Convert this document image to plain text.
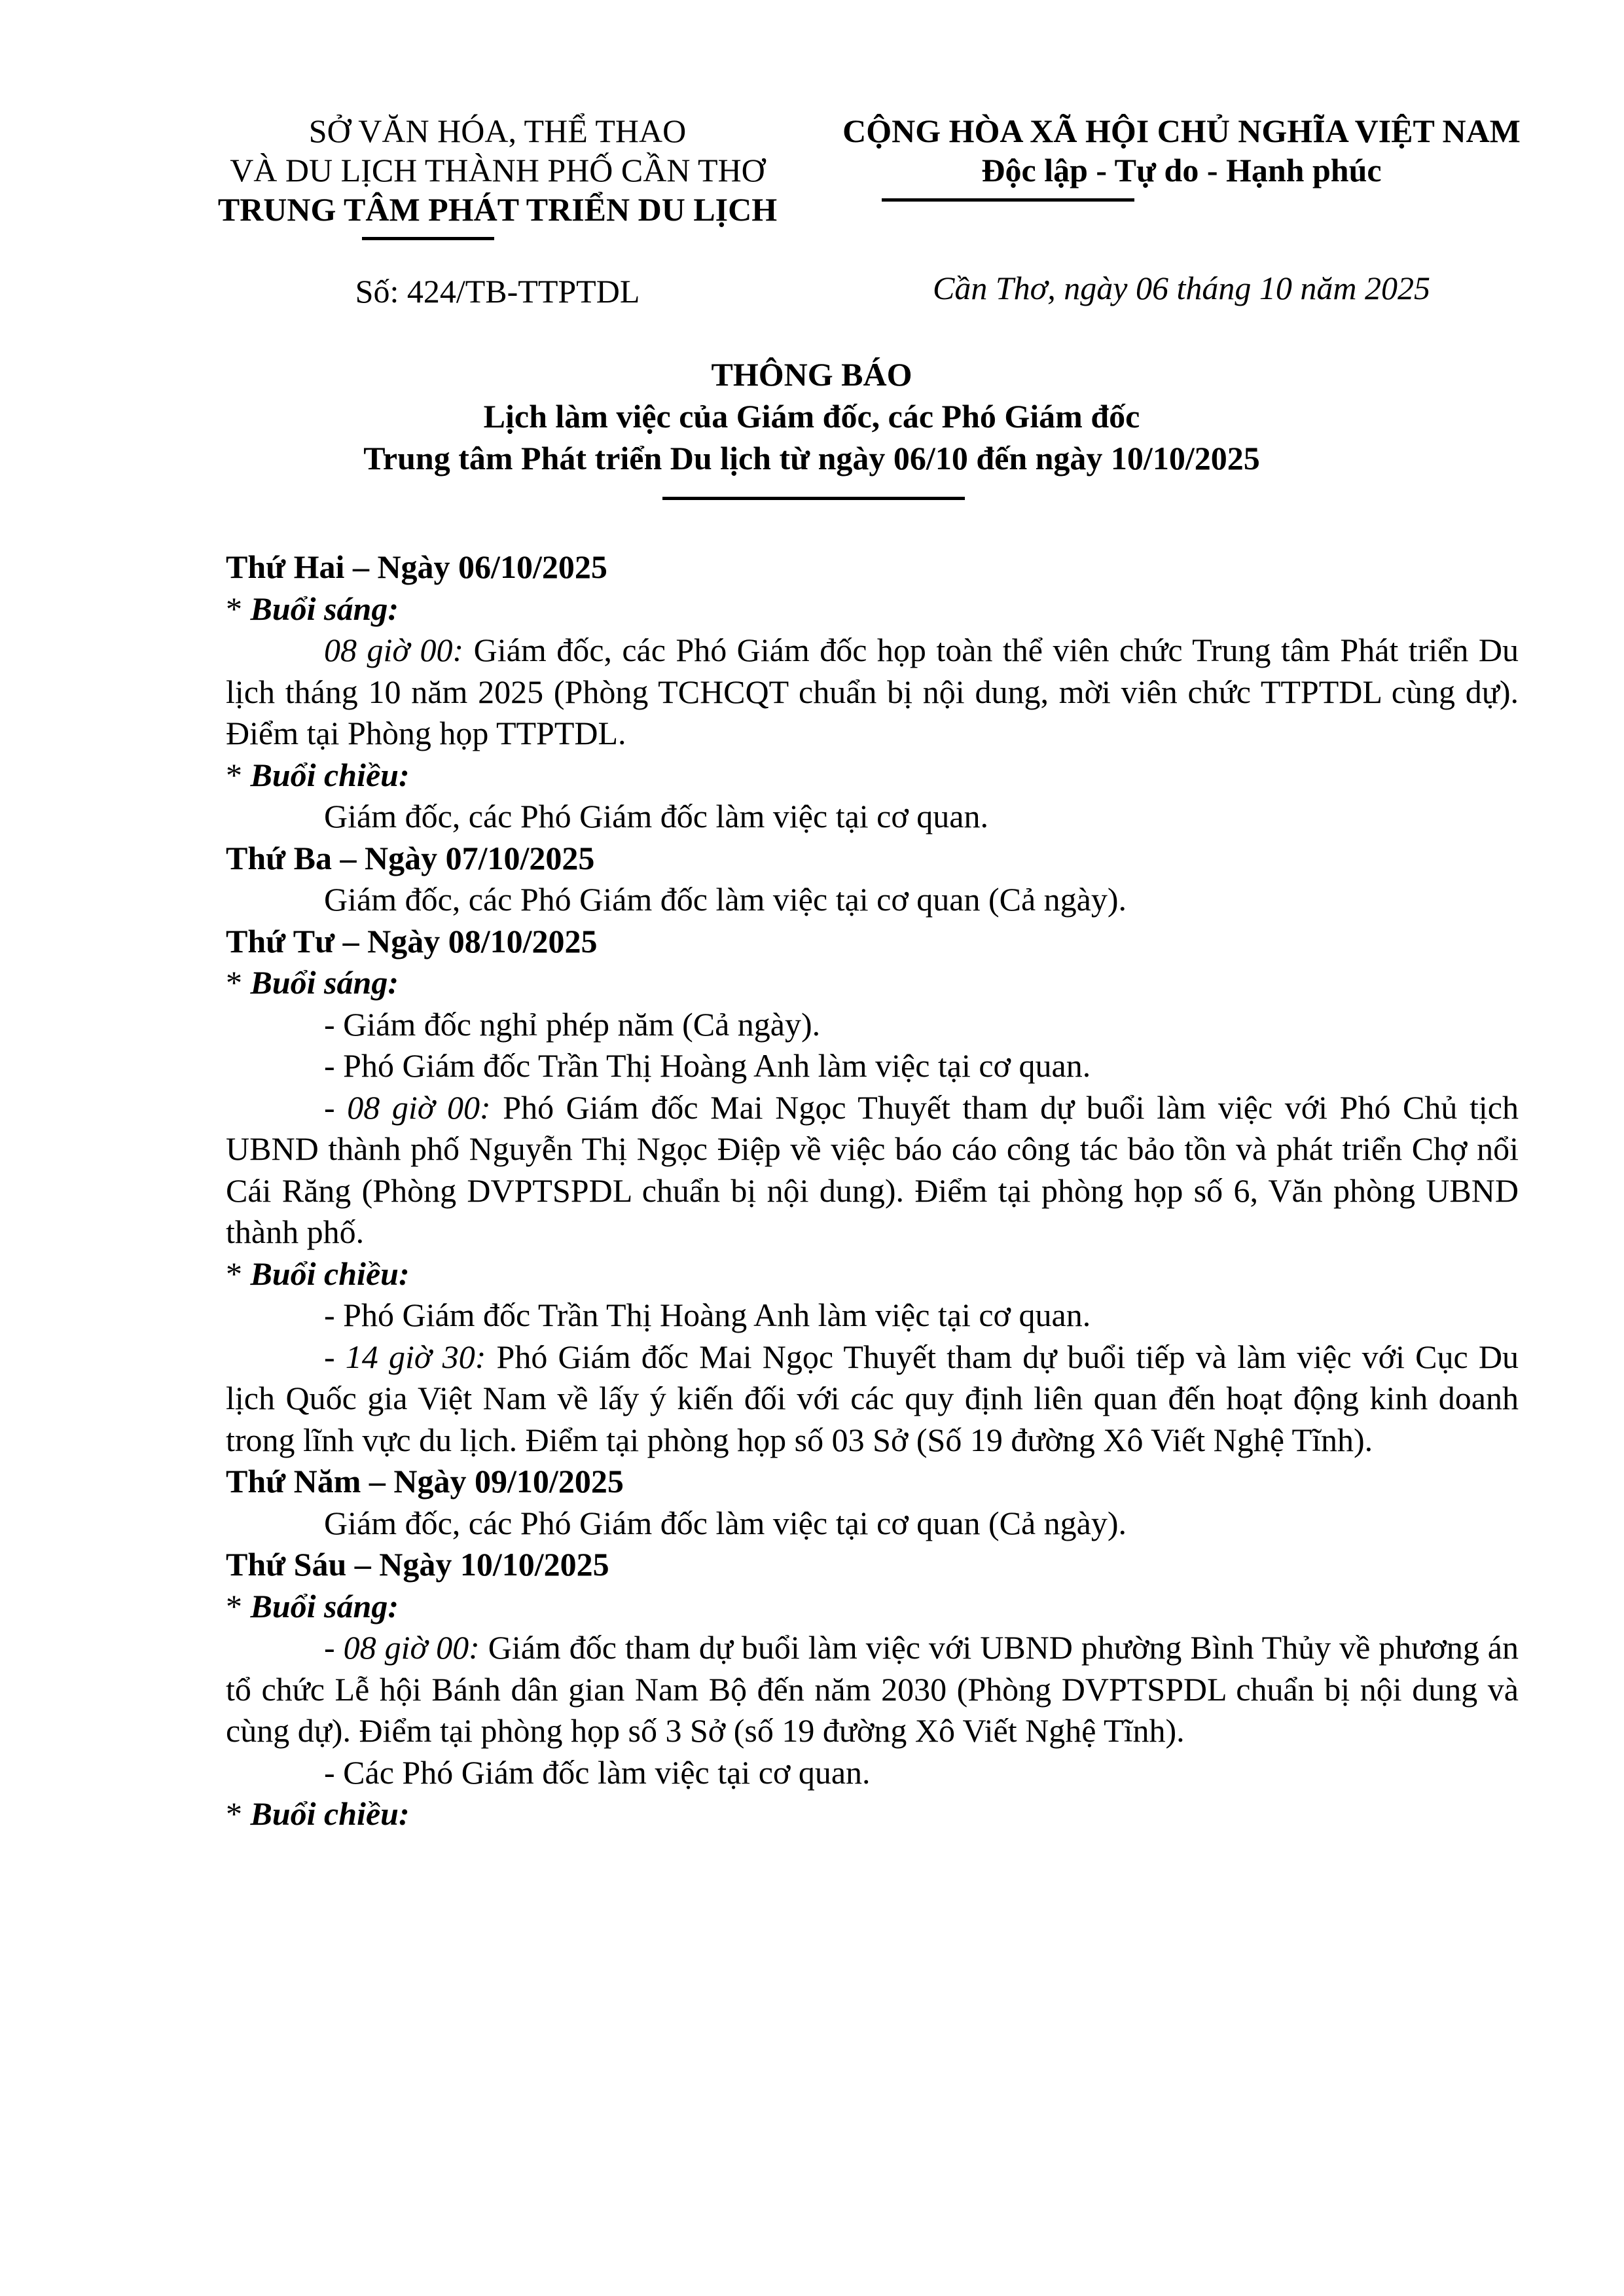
SỞ VĂN HÓA, THỂ THAO
VÀ DU LỊCH THÀNH PHỐ CẦN THƠ
TRUNG TÂM PHÁT TRIỂN DU LỊCH
CỘNG HÒA XÃ HỘI CHỦ NGHĨA VIỆT NAM
Độc lập - Tự do - Hạnh phúc
Số: 424/TB-TTPTDL	Cần Thơ, ngày 06 tháng 10 năm 2025
THÔNG BÁO
Lịch làm việc của Giám đốc, các Phó Giám đốc
Trung tâm Phát triển Du lịch từ ngày 06/10 đến ngày 10/10/2025

Thứ Hai – Ngày 06/10/2025

* Buổi sáng:

08 giờ 00: Giám đốc, các Phó Giám đốc họp toàn thể viên chức Trung tâm Phát triển Du lịch tháng 10 năm 2025 (Phòng TCHCQT chuẩn bị nội dung, mời viên chức TTPTDL cùng dự). Điểm tại Phòng họp TTPTDL.

* Buổi chiều:

Giám đốc, các Phó Giám đốc làm việc tại cơ quan.

Thứ Ba – Ngày 07/10/2025

Giám đốc, các Phó Giám đốc làm việc tại cơ quan (Cả ngày).

Thứ Tư – Ngày 08/10/2025

* Buổi sáng:

- Giám đốc nghỉ phép năm (Cả ngày).

- Phó Giám đốc Trần Thị Hoàng Anh làm việc tại cơ quan.

- 08 giờ 00: Phó Giám đốc Mai Ngọc Thuyết tham dự buổi làm việc với Phó Chủ tịch UBND thành phố Nguyễn Thị Ngọc Điệp về việc báo cáo công tác bảo tồn và phát triển Chợ nổi Cái Răng (Phòng DVPTSPDL chuẩn bị nội dung). Điểm tại phòng họp số 6, Văn phòng UBND thành phố.

* Buổi chiều:

- Phó Giám đốc Trần Thị Hoàng Anh làm việc tại cơ quan.

- 14 giờ 30: Phó Giám đốc Mai Ngọc Thuyết tham dự buổi tiếp và làm việc với Cục Du lịch Quốc gia Việt Nam về lấy ý kiến đối với các quy định liên quan đến hoạt động kinh doanh trong lĩnh vực du lịch. Điểm tại phòng họp số 03 Sở (Số 19 đường Xô Viết Nghệ Tĩnh).

Thứ Năm – Ngày 09/10/2025

Giám đốc, các Phó Giám đốc làm việc tại cơ quan (Cả ngày).

Thứ Sáu – Ngày 10/10/2025

* Buổi sáng:

- 08 giờ 00: Giám đốc tham dự buổi làm việc với UBND phường Bình Thủy về phương án tổ chức Lễ hội Bánh dân gian Nam Bộ đến năm 2030 (Phòng DVPTSPDL chuẩn bị nội dung và cùng dự). Điểm tại phòng họp số 3 Sở (số 19 đường Xô Viết Nghệ Tĩnh).

- Các Phó Giám đốc làm việc tại cơ quan.

* Buổi chiều:
